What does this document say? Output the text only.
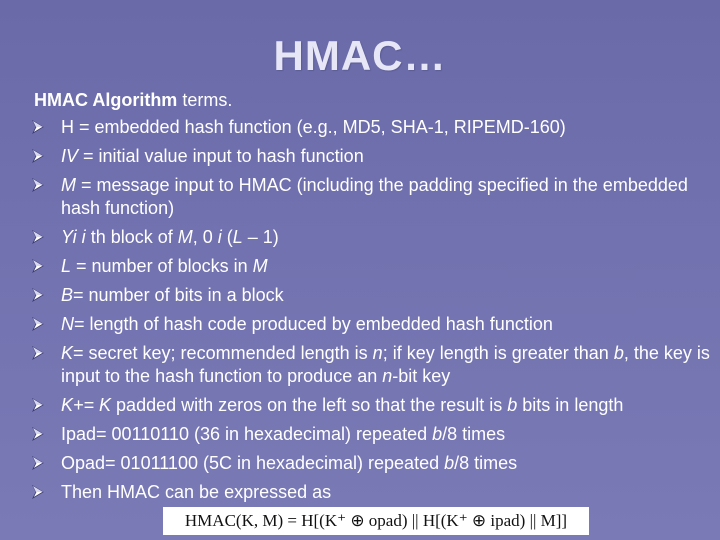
HMAC…
HMAC Algorithm terms.
H = embedded hash function (e.g., MD5, SHA-1, RIPEMD-160)
IV = initial value input to hash function
M = message input to HMAC (including the padding specified in the embedded hash function)
Yi i th block of M, 0 i (L – 1)
L = number of blocks in M
B= number of bits in a block
N= length of hash code produced by embedded hash function
K= secret key; recommended length is n; if key length is greater than b, the key is input to the hash function to produce an n-bit key
K+= K padded with zeros on the left so that the result is b bits in length
Ipad= 00110110 (36 in hexadecimal) repeated b/8 times
Opad= 01011100 (5C in hexadecimal) repeated b/8 times
Then HMAC can be expressed as
HMAC(K, M) = H[(K⁺ ⊕ opad) || H[(K⁺ ⊕ ipad) || M]]
